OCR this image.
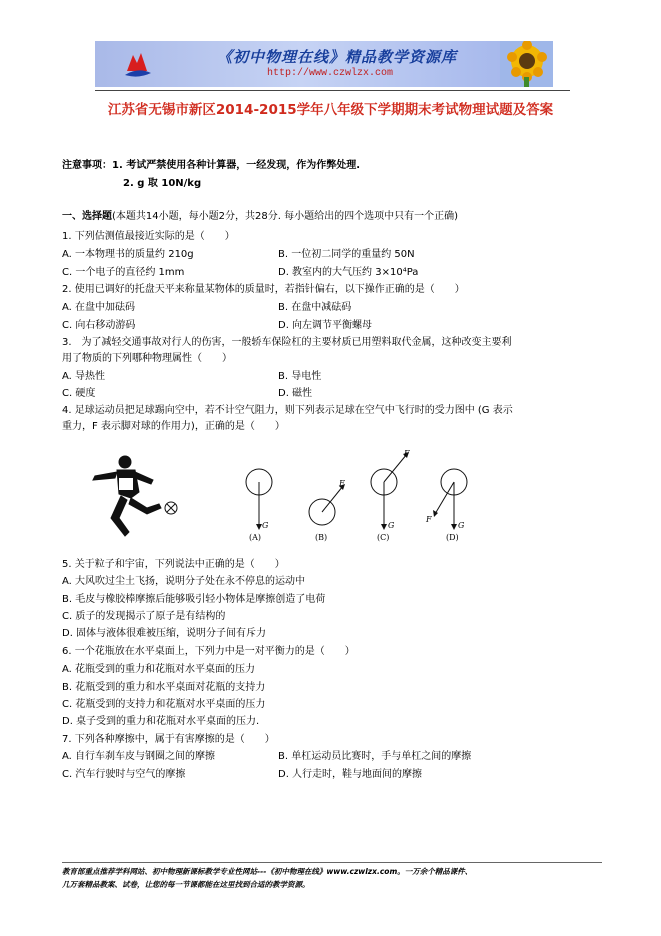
《初中物理在线》精品教学资源库
http://www.czwlzx.com
江苏省无锡市新区2014-2015学年八年级下学期期末考试物理试题及答案
注意事项：1. 考试严禁使用各种计算器，一经发现，作为作弊处理.
2. g 取 10N/kg
一、选择题(本题共14小题，每小题2分，共28分. 每小题给出的四个选项中只有一个正确)
1. 下列估测值最接近实际的是（　　）
A. 一本物理书的质量约 210g	B. 一位初二同学的重量约 50N
C. 一个电子的直径约 1mm	D. 教室内的大气压约 3×10⁴Pa
2. 使用已调好的托盘天平来称量某物体的质量时，若指针偏右，以下操作正确的是（　　）
A. 在盘中加砝码	B. 在盘中减砝码
C. 向右移动游码	D. 向左调节平衡螺母
3.　为了减轻交通事故对行人的伤害，一般轿车保险杠的主要材质已用塑料取代金属，这种改变主要利
用了物质的下列哪种物理属性（　　）
A. 导热性	B. 导电性
C. 硬度	D. 磁性
4. 足球运动员把足球踢向空中，若不计空气阻力，则下列表示足球在空气中飞行时的受力图中 (G 表示
重力，F 表示脚对球的作用力)，正确的是（　　）
G
(A)
F
(B)
G
F
(C)
G
F
(D)
5. 关于粒子和宇宙，下列说法中正确的是（　　）
A. 大风吹过尘土飞扬，说明分子处在永不停息的运动中
B. 毛皮与橡胶棒摩擦后能够吸引轻小物体是摩擦创造了电荷
C. 质子的发现揭示了原子是有结构的
D. 固体与液体很难被压缩，说明分子间有斥力
6. 一个花瓶放在水平桌面上，下列力中是一对平衡力的是（　　）
A. 花瓶受到的重力和花瓶对水平桌面的压力
B. 花瓶受到的重力和水平桌面对花瓶的支持力
C. 花瓶受到的支持力和花瓶对水平桌面的压力
D. 桌子受到的重力和花瓶对水平桌面的压力.
7. 下列各种摩擦中，属于有害摩擦的是（　　）
A. 自行车刹车皮与钢圈之间的摩擦	B. 单杠运动员比赛时，手与单杠之间的摩擦
C. 汽车行驶时与空气的摩擦	D. 人行走时，鞋与地面间的摩擦
教育部重点推荐学科网站、初中物理新课标教学专业性网站---《初中物理在线》www.czwlzx.com。一万余个精品课件、
几万套精品教案、试卷，让您的每一节课都能在这里找到合适的教学资源。
